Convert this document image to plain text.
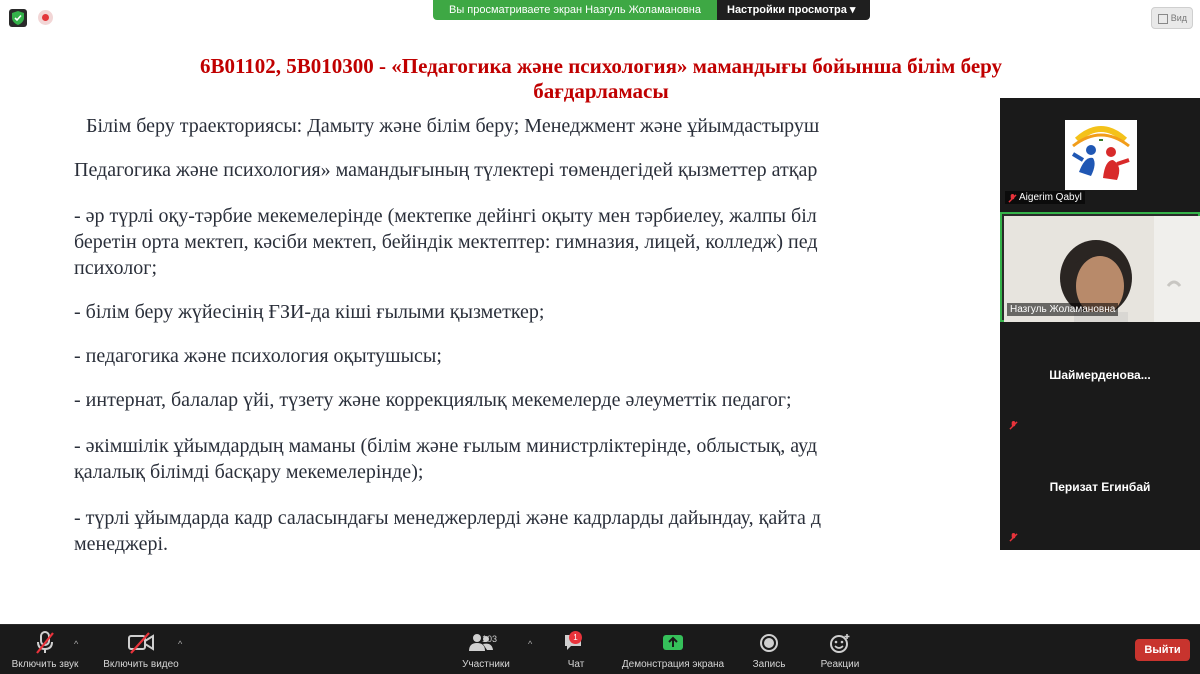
Вы просматриваете экран Назгуль Жоламановна	Настройки просмотра ▾
Вид
6В01102, 5В010300 - «Педагогика және психология» мамандығы бойынша білім беру
бағдарламасы
Білім беру траекториясы: Дамыту және білім беру; Менеджмент және ұйымдастыруш
Педагогика және психология» мамандығының түлектері төмендегідей қызметтер атқар
- әр түрлі оқу-тәрбие мекемелерінде (мектепке дейінгі оқыту мен тәрбиелеу, жалпы біл
беретін орта мектеп, кәсіби мектеп, бейіндік мектептер: гимназия, лицей, колледж) пед
психолог;
- білім беру жүйесінің ҒЗИ-да кіші ғылыми қызметкер;
- педагогика және психология оқытушысы;
- интернат, балалар үйі, түзету және коррекциялық мекемелерде әлеуметтік педагог;
- әкімшілік ұйымдардың маманы (білім және ғылым министрліктерінде, облыстық, ауд
қалалық білімді басқару мекемелерінде);
- түрлі ұйымдарда кадр саласындағы менеджерлерді және кадрларды дайындау, қайта д
менеджері.
Aigerim Qabyl
Назгуль Жоламановна
Шаймерденова...
Перизат Егинбай
Включить звук
^
Включить видео
^	103
Участники
^
1
Чат	Демонстрация экрана	Запись	Реакции
Выйти
